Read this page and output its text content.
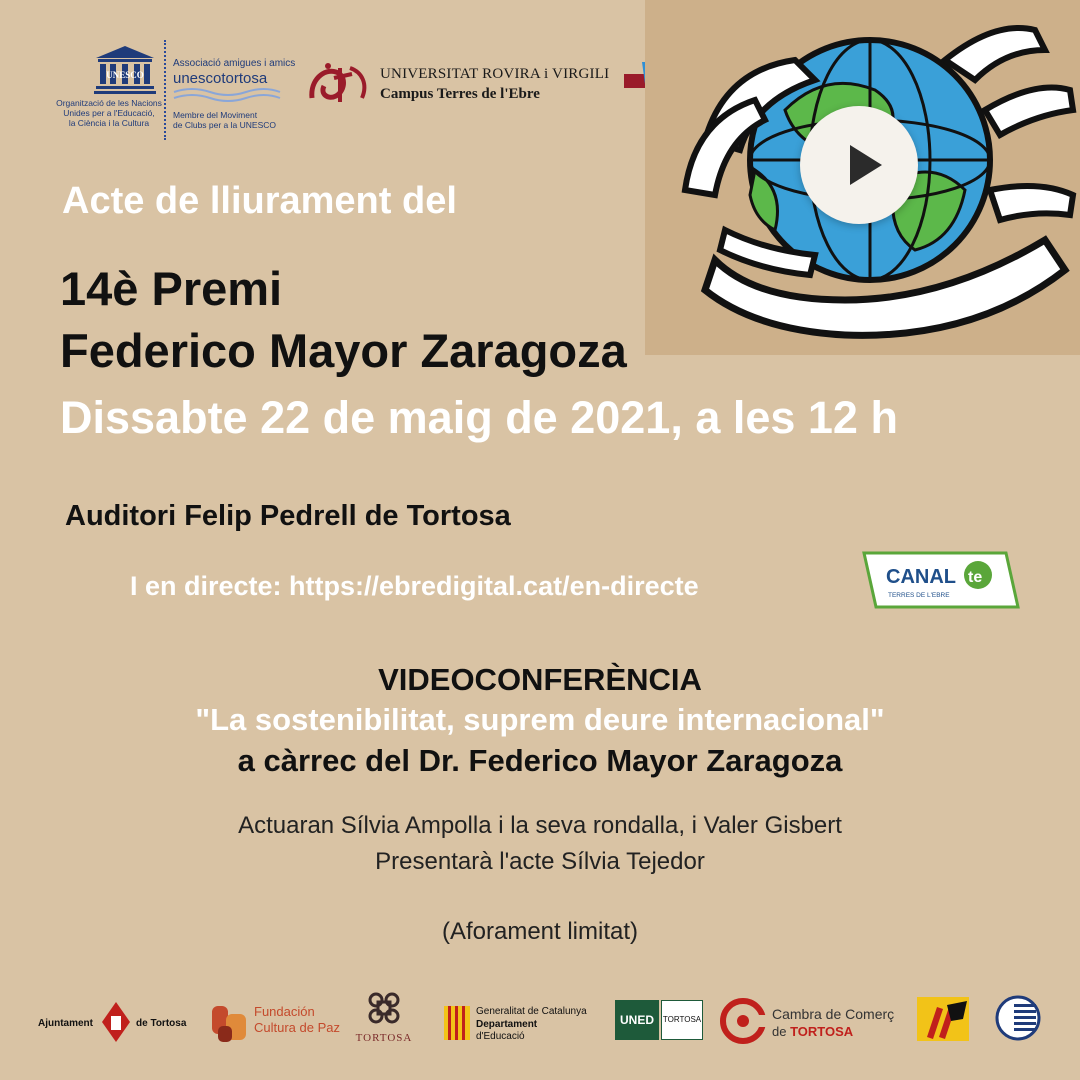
UNESCO
Organització de les Nacions
Unides per a l'Educació,
la Ciència i la Cultura
Associació amigues i amics
unescotortosa
Membre del Moviment
de Clubs per a la UNESCO
UNIVERSITAT ROVIRA i VIRGILI
Campus Terres de l'Ebre
Acte de lliurament del
14è Premi
Federico Mayor Zaragoza
Dissabte 22 de maig de 2021, a les 12 h
Auditori Felip Pedrell de Tortosa
I en directe: https://ebredigital.cat/en-directe	CANAL te
TERRES DE L'EBRE
VIDEOCONFERÈNCIA
"La sostenibilitat, suprem deure internacional"
a càrrec del Dr. Federico Mayor Zaragoza
Actuaran Sílvia Ampolla i la seva rondalla, i Valer Gisbert
Presentarà l'acte Sílvia Tejedor
(Aforament limitat)
Ajuntament	de Tortosa
Fundación
Cultura de Paz
TORTOSA
Generalitat de Catalunya
Departament
d'Educació
UNED	TORTOSA	Cambra de Comerç
de TORTOSA
